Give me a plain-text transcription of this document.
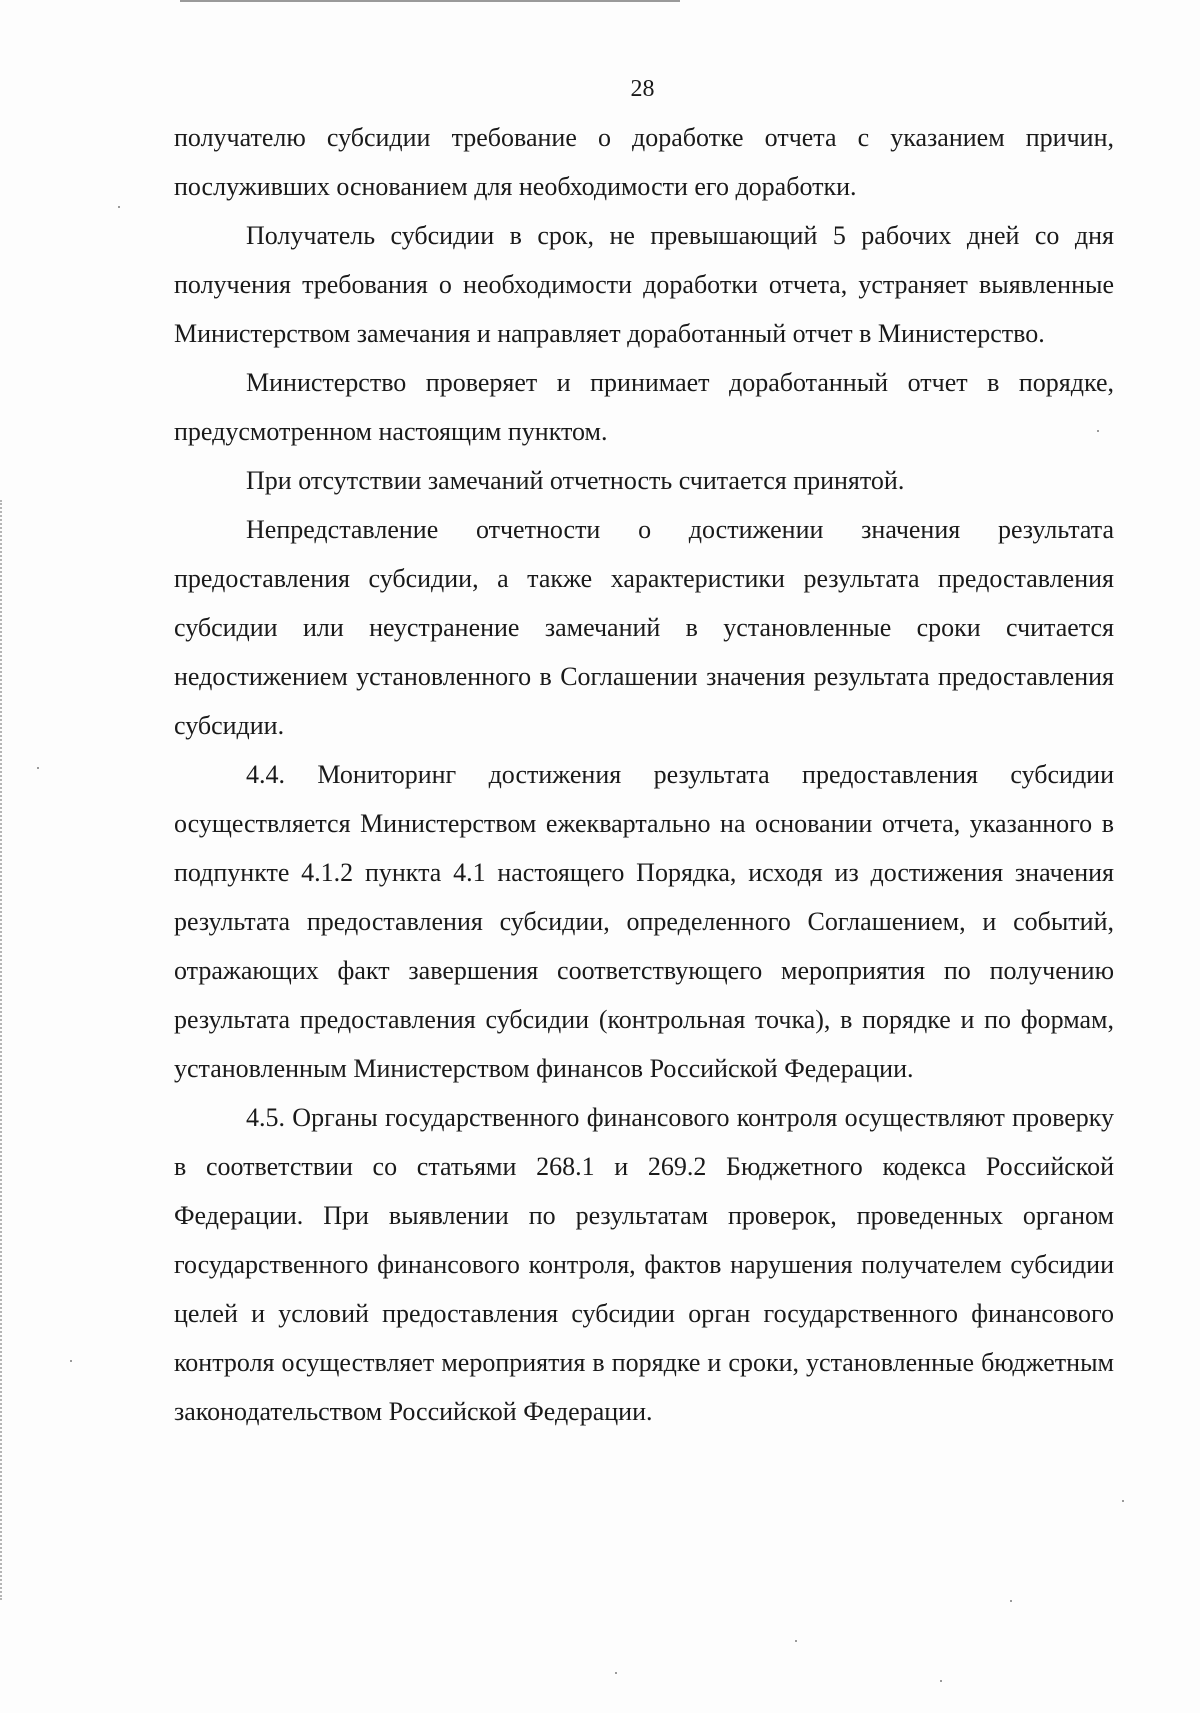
28

получателю субсидии требование о доработке отчета с указанием причин, послуживших основанием для необходимости его доработки.

Получатель субсидии в срок, не превышающий 5 рабочих дней со дня получения требования о необходимости доработки отчета, устраняет выявленные Министерством замечания и направляет доработанный отчет в Министерство.

Министерство проверяет и принимает доработанный отчет в порядке, предусмотренном настоящим пунктом.

При отсутствии замечаний отчетность считается принятой.

Непредставление отчетности о достижении значения результата предоставления субсидии, а также характеристики результата предоставления субсидии или неустранение замечаний в установленные сроки считается недостижением установленного в Соглашении значения результата предоставления субсидии.

4.4. Мониторинг достижения результата предоставления субсидии осуществляется Министерством ежеквартально на основании отчета, указанного в подпункте 4.1.2 пункта 4.1 настоящего Порядка, исходя из достижения значения результата предоставления субсидии, определенного Соглашением, и событий, отражающих факт завершения соответствующего мероприятия по получению результата предоставления субсидии (контрольная точка), в порядке и по формам, установленным Министерством финансов Российской Федерации.

4.5. Органы государственного финансового контроля осуществляют проверку в соответствии со статьями 268.1 и 269.2 Бюджетного кодекса Российской Федерации. При выявлении по результатам проверок, проведенных органом государственного финансового контроля, фактов нарушения получателем субсидии целей и условий предоставления субсидии орган государственного финансового контроля осуществляет мероприятия в порядке и сроки, установленные бюджетным законодательством Российской Федерации.
